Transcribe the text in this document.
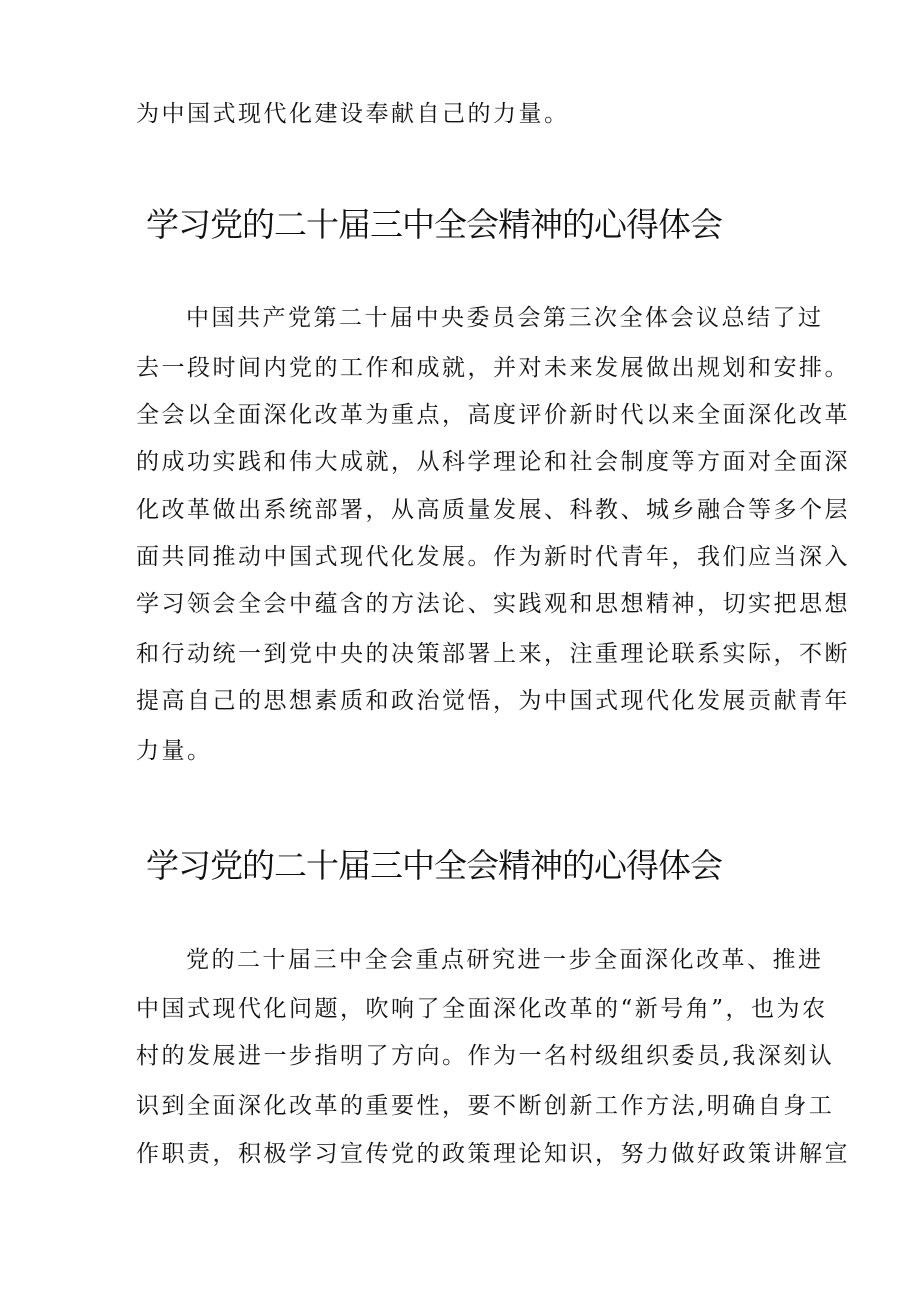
为中国式现代化建设奉献自己的力量。
学习党的二十届三中全会精神的心得体会
中国共产党第二十届中央委员会第三次全体会议总结了过
去一段时间内党的工作和成就，并对未来发展做出规划和安排。
全会以全面深化改革为重点，高度评价新时代以来全面深化改革
的成功实践和伟大成就，从科学理论和社会制度等方面对全面深
化改革做出系统部署，从高质量发展、科教、城乡融合等多个层
面共同推动中国式现代化发展。作为新时代青年，我们应当深入
学习领会全会中蕴含的方法论、实践观和思想精神，切实把思想
和行动统一到党中央的决策部署上来，注重理论联系实际，不断
提高自己的思想素质和政治觉悟，为中国式现代化发展贡献青年
力量。
学习党的二十届三中全会精神的心得体会
党的二十届三中全会重点研究进一步全面深化改革、推进
中国式现代化问题，吹响了全面深化改革的“新号角”，也为农
村的发展进一步指明了方向。作为一名村级组织委员,我深刻认
识到全面深化改革的重要性，要不断创新工作方法,明确自身工
作职责，积极学习宣传党的政策理论知识，努力做好政策讲解宣
